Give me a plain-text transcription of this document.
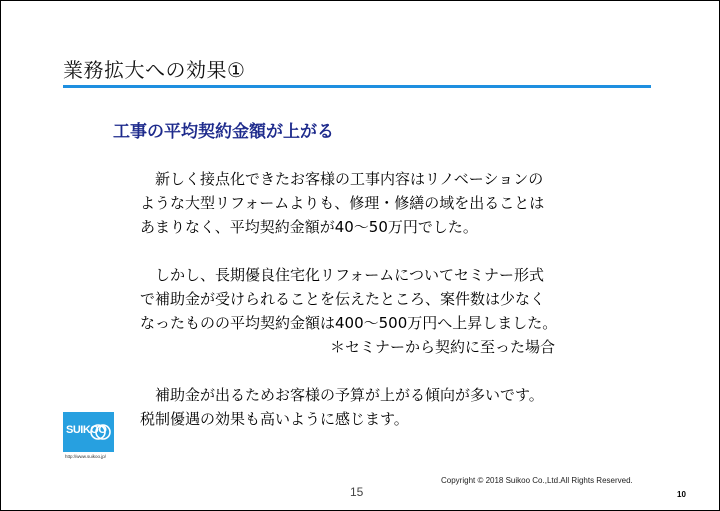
業務拡大への効果①
工事の平均契約金額が上がる

新しく接点化できたお客様の工事内容はリノベーションの
ような大型リフォームよりも、修理・修繕の域を出ることは
あまりなく、平均契約金額が40～50万円でした。

しかし、長期優良住宅化リフォームについてセミナー形式
で補助金が受けられることを伝えたところ、案件数は少なく
なったものの平均契約金額は400～500万円へ上昇しました。
＊セミナーから契約に至った場合

補助金が出るためお客様の予算が上がる傾向が多いです。
税制優遇の効果も高いように感じます。

SUIKOO
http://www.suikoo.jp/
Copyright © 2018 Suikoo Co.,Ltd.All Rights Reserved.
15	10
